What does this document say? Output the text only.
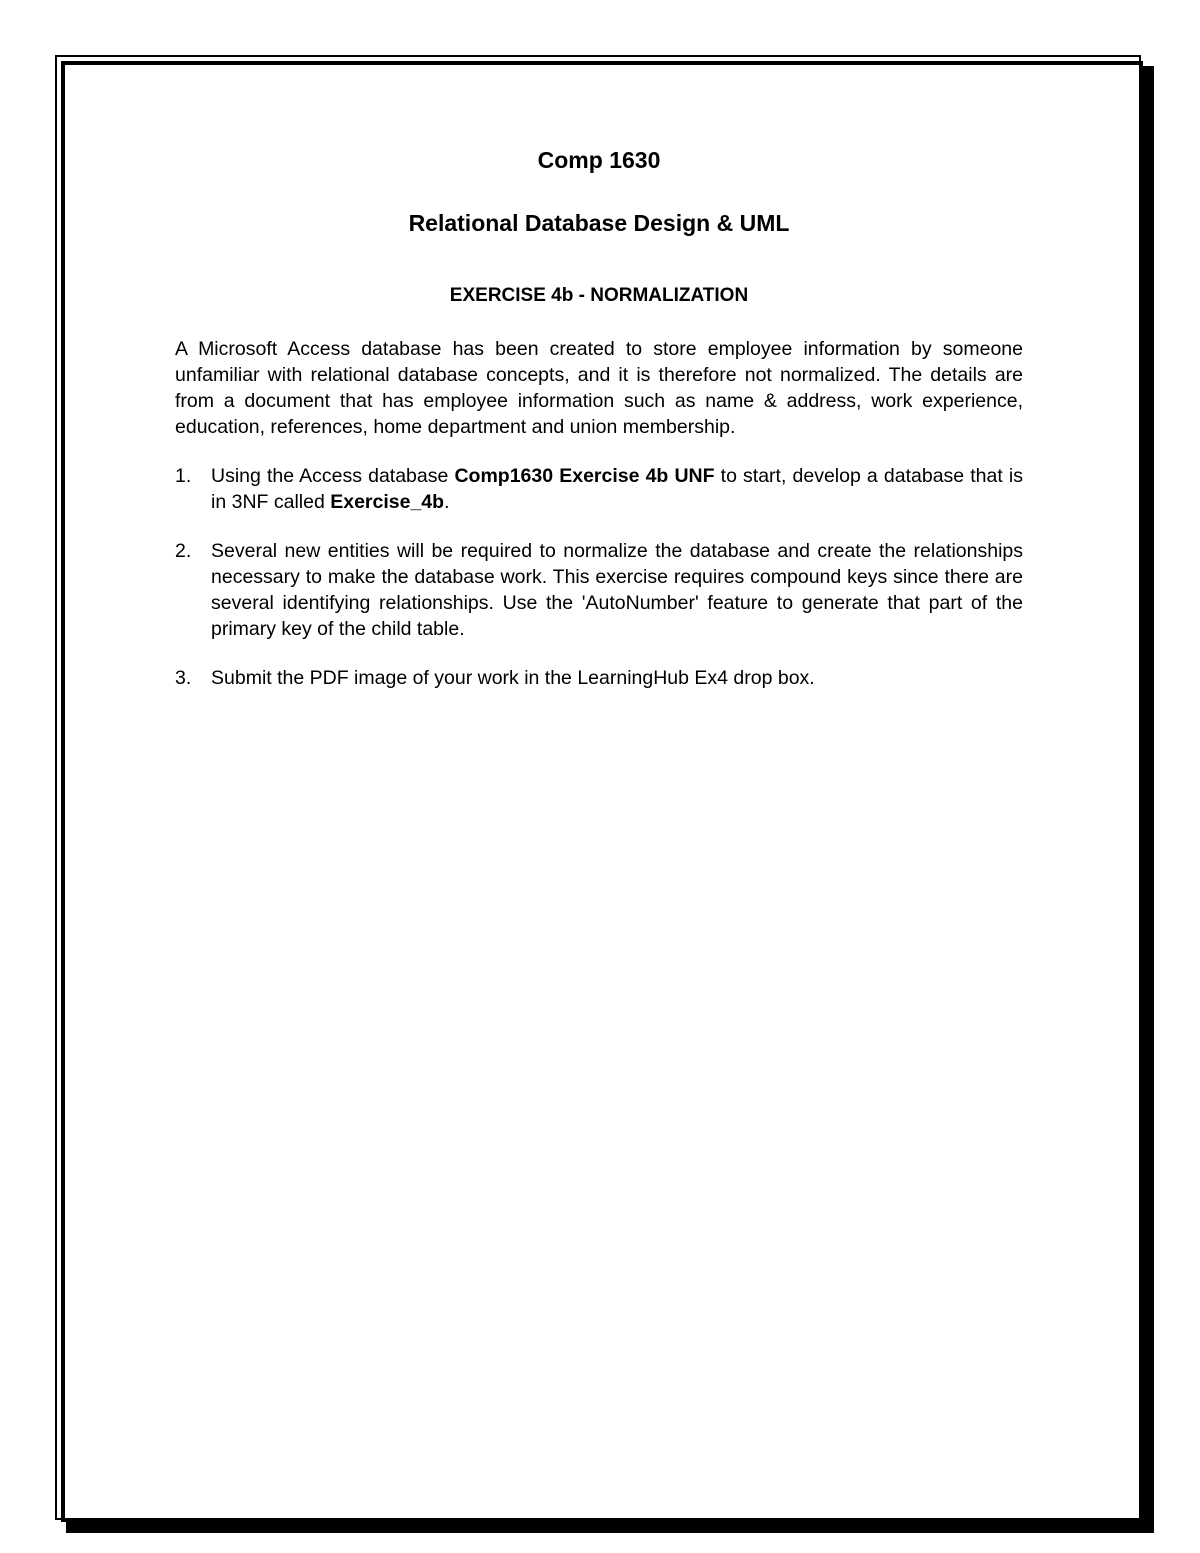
Comp 1630
Relational Database Design & UML
EXERCISE 4b - NORMALIZATION

A Microsoft Access database has been created to store employee information by someone unfamiliar with relational database concepts, and it is therefore not normalized. The details are from a document that has employee information such as name & address, work experience, education, references, home department and union membership.

1. Using the Access database Comp1630 Exercise 4b UNF to start, develop a database that is in 3NF called Exercise_4b.
2. Several new entities will be required to normalize the database and create the relationships necessary to make the database work. This exercise requires compound keys since there are several identifying relationships. Use the 'AutoNumber' feature to generate that part of the primary key of the child table.
3. Submit the PDF image of your work in the LearningHub Ex4 drop box.
